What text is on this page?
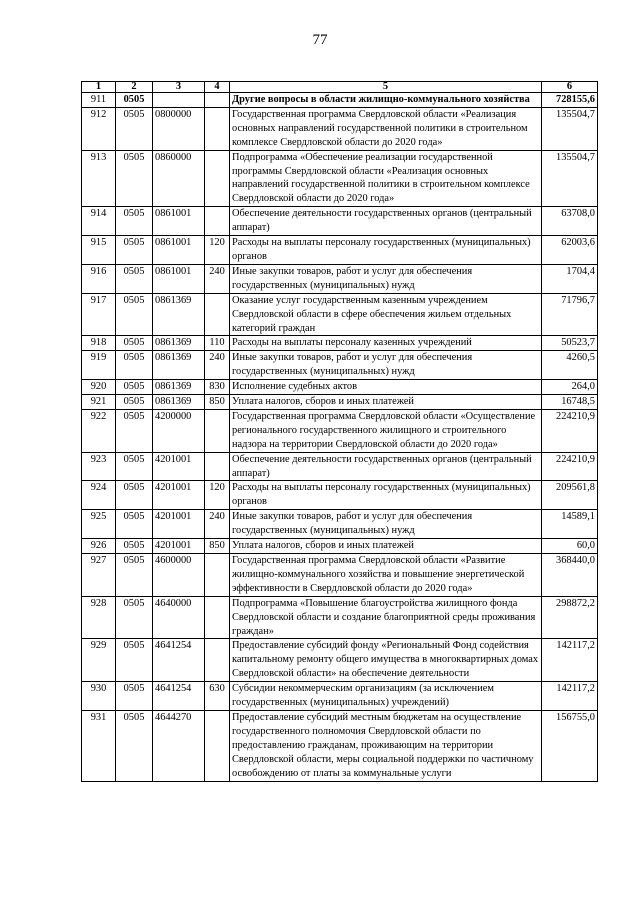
77
1	2	3	4	5	6
911	0505			Другие вопросы в области жилищно-коммунального хозяйства	728155,6
912	0505	0800000		Государственная программа Свердловской области «Реализация основных направлений государственной политики в строительном комплексе Свердловской области до 2020 года»	135504,7
913	0505	0860000		Подпрограмма «Обеспечение реализации государственной программы Свердловской области «Реализация основных направлений государственной политики в строительном комплексе Свердловской области до 2020 года»	135504,7
914	0505	0861001		Обеспечение деятельности государственных органов (центральный аппарат)	63708,0
915	0505	0861001	120	Расходы на выплаты персоналу государственных (муниципальных) органов	62003,6
916	0505	0861001	240	Иные закупки товаров, работ и услуг для обеспечения государственных (муниципальных) нужд	1704,4
917	0505	0861369		Оказание услуг государственным казенным учреждением Свердловской области в сфере обеспечения жильем отдельных категорий граждан	71796,7
918	0505	0861369	110	Расходы на выплаты персоналу казенных учреждений	50523,7
919	0505	0861369	240	Иные закупки товаров, работ и услуг для обеспечения государственных (муниципальных) нужд	4260,5
920	0505	0861369	830	Исполнение судебных актов	264,0
921	0505	0861369	850	Уплата налогов, сборов и иных платежей	16748,5
922	0505	4200000		Государственная программа Свердловской области «Осуществление регионального государственного жилищного и строительного надзора на территории Свердловской области до 2020 года»	224210,9
923	0505	4201001		Обеспечение деятельности государственных органов (центральный аппарат)	224210,9
924	0505	4201001	120	Расходы на выплаты персоналу государственных (муниципальных) органов	209561,8
925	0505	4201001	240	Иные закупки товаров, работ и услуг для обеспечения государственных (муниципальных) нужд	14589,1
926	0505	4201001	850	Уплата налогов, сборов и иных платежей	60,0
927	0505	4600000		Государственная программа Свердловской области «Развитие жилищно-коммунального хозяйства и повышение энергетической эффективности в Свердловской области до 2020 года»	368440,0
928	0505	4640000		Подпрограмма «Повышение благоустройства жилищного фонда Свердловской области и создание благоприятной среды проживания граждан»	298872,2
929	0505	4641254		Предоставление субсидий фонду «Региональный Фонд содействия капитальному ремонту общего имущества в многоквартирных домах Свердловской области» на обеспечение деятельности	142117,2
930	0505	4641254	630	Субсидии некоммерческим организациям (за исключением государственных (муниципальных) учреждений)	142117,2
931	0505	4644270		Предоставление субсидий местным бюджетам на осуществление государственного полномочия Свердловской области по предоставлению гражданам, проживающим на территории Свердловской области, меры социальной поддержки по частичному освобождению от платы за коммунальные услуги	156755,0
